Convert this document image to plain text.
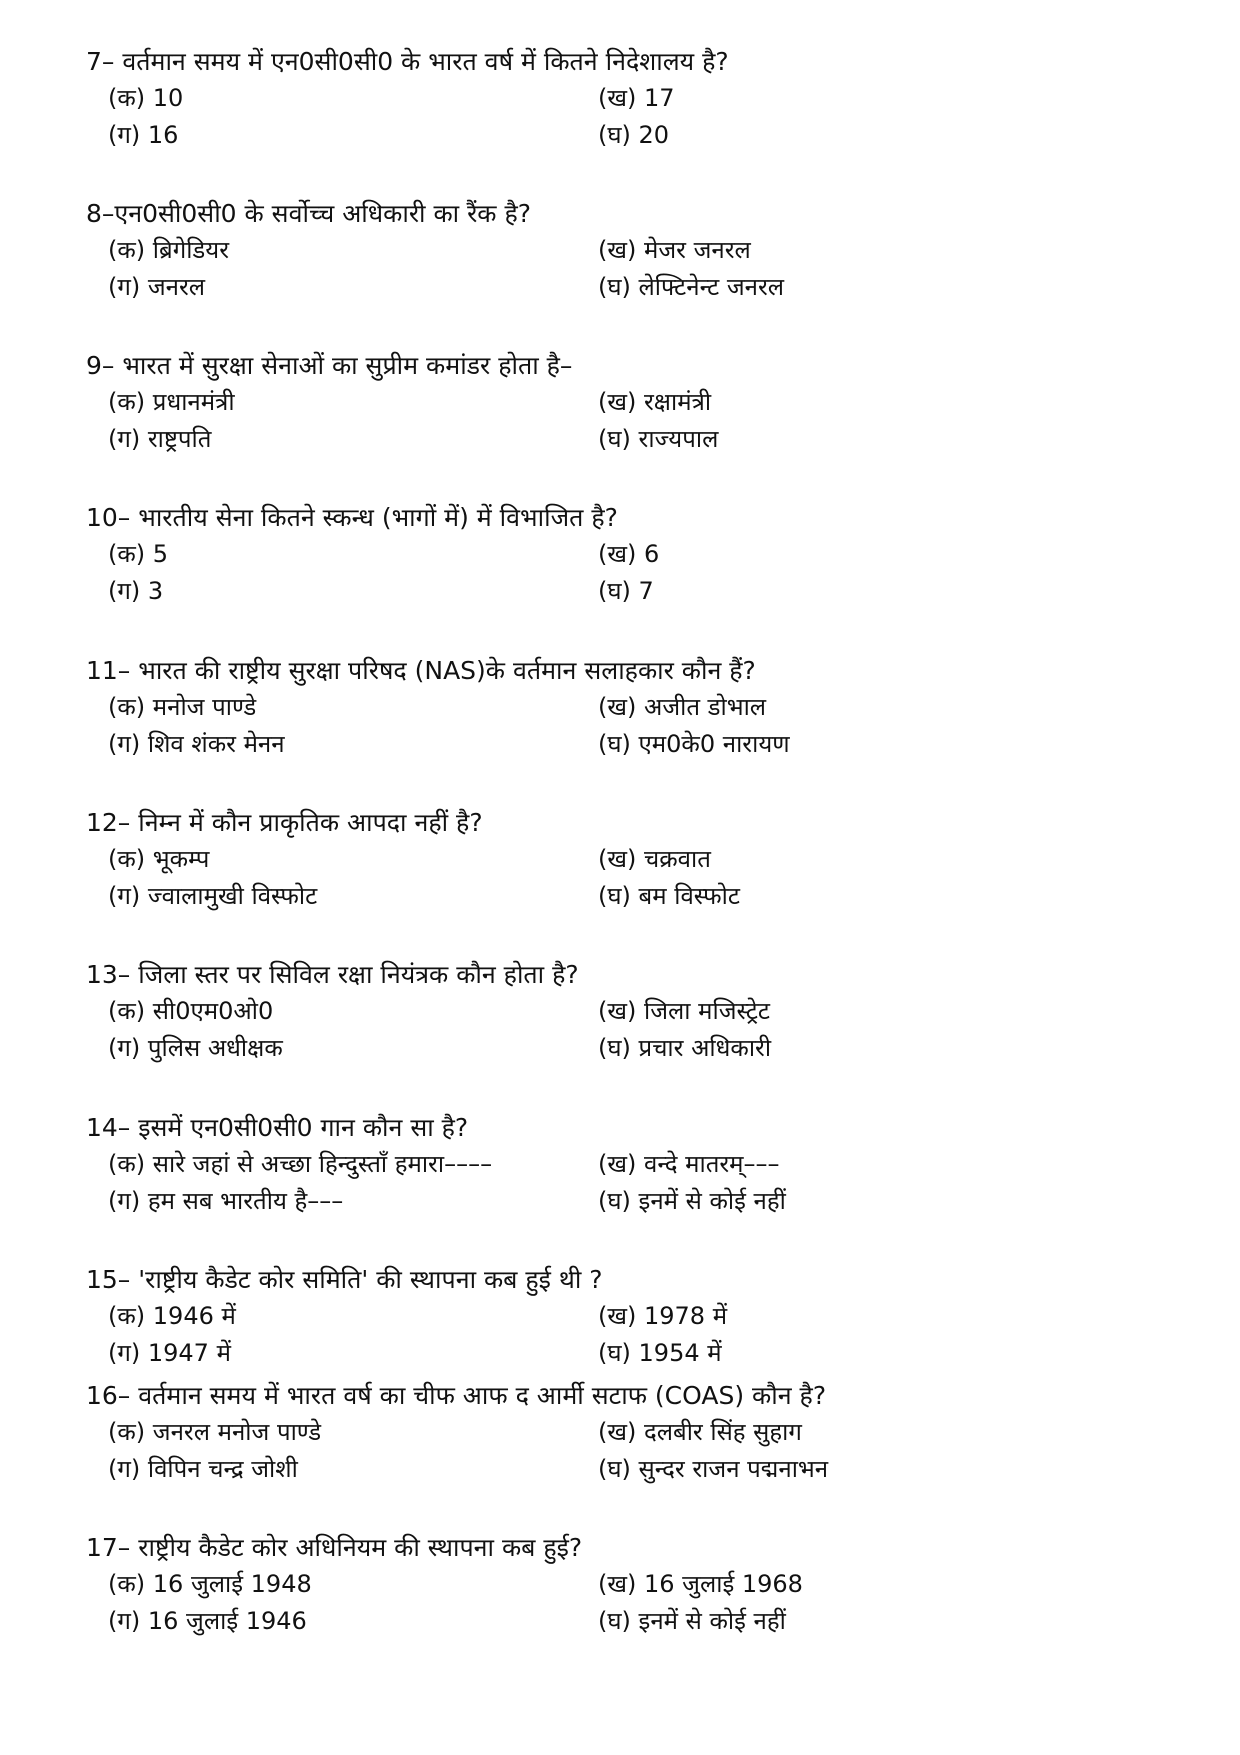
7– वर्तमान समय में एन0सी0सी0 के भारत वर्ष में कितने निदेशालय है?
(क) 10	(ख) 17
(ग) 16	(घ) 20
8–एन0सी0सी0 के सर्वोच्च अधिकारी का रैंक है?
(क) ब्रिगेडियर	(ख) मेजर जनरल
(ग) जनरल	(घ) लेफ्टिनेन्ट जनरल
9– भारत में सुरक्षा सेनाओं का सुप्रीम कमांडर होता है–
(क) प्रधानमंत्री	(ख) रक्षामंत्री
(ग) राष्ट्रपति	(घ) राज्यपाल
10– भारतीय सेना कितने स्कन्ध (भागों में) में विभाजित है?
(क) 5	(ख) 6
(ग) 3	(घ) 7
11– भारत की राष्ट्रीय सुरक्षा परिषद (NAS)के वर्तमान सलाहकार कौन हैं?
(क) मनोज पाण्डे	(ख) अजीत डोभाल
(ग) शिव शंकर मेनन	(घ) एम0के0 नारायण
12– निम्न में कौन प्राकृतिक आपदा नहीं है?
(क) भूकम्प	(ख) चक्रवात
(ग) ज्वालामुखी विस्फोट	(घ) बम विस्फोट
13– जिला स्तर पर सिविल रक्षा नियंत्रक कौन होता है?
(क) सी0एम0ओ0	(ख) जिला मजिस्ट्रेट
(ग) पुलिस अधीक्षक	(घ) प्रचार अधिकारी
14– इसमें एन0सी0सी0 गान कौन सा है?
(क) सारे जहां से अच्छा हिन्दुस्ताँ हमारा––––	(ख) वन्दे मातरम्–––
(ग) हम सब भारतीय है–––	(घ) इनमें से कोई नहीं
15– 'राष्ट्रीय कैडेट कोर समिति' की स्थापना कब हुई थी ?
(क) 1946 में	(ख) 1978 में
(ग) 1947 में	(घ) 1954 में
16– वर्तमान समय में भारत वर्ष का चीफ आफ द आर्मी सटाफ (COAS) कौन है?
(क) जनरल मनोज पाण्डे	(ख) दलबीर सिंह सुहाग
(ग) विपिन चन्द्र जोशी	(घ) सुन्दर राजन पद्मनाभन
17– राष्ट्रीय कैडेट कोर अधिनियम की स्थापना कब हुई?
(क) 16 जुलाई 1948	(ख) 16 जुलाई 1968
(ग) 16 जुलाई 1946	(घ) इनमें से कोई नहीं
